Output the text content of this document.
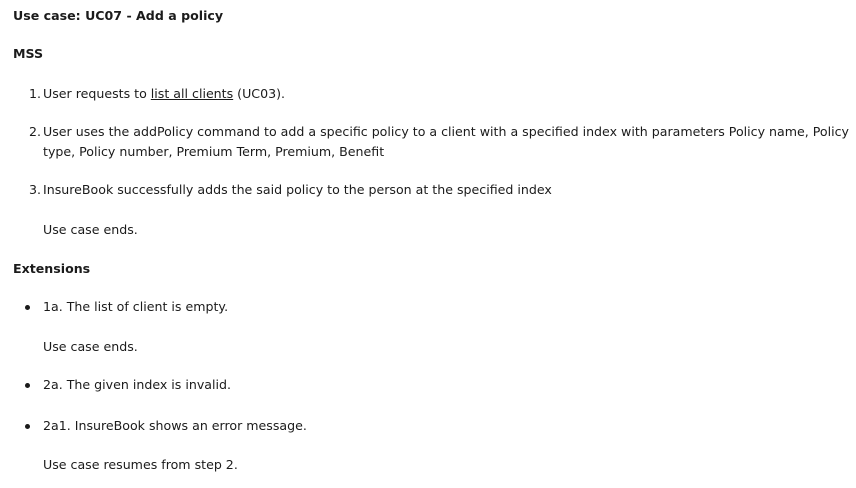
Use case: UC07 - Add a policy

MSS

1. User requests to list all clients (UC03).
2. User uses the addPolicy command to add a specific policy to a client with a specified index with parameters Policy name, Policy type, Policy number, Premium Term, Premium, Benefit
3. InsureBook successfully adds the said policy to the person at the specified index

Use case ends.

Extensions

1a. The list of client is empty.

Use case ends.

2a. The given index is invalid.
2a1. InsureBook shows an error message.

Use case resumes from step 2.
